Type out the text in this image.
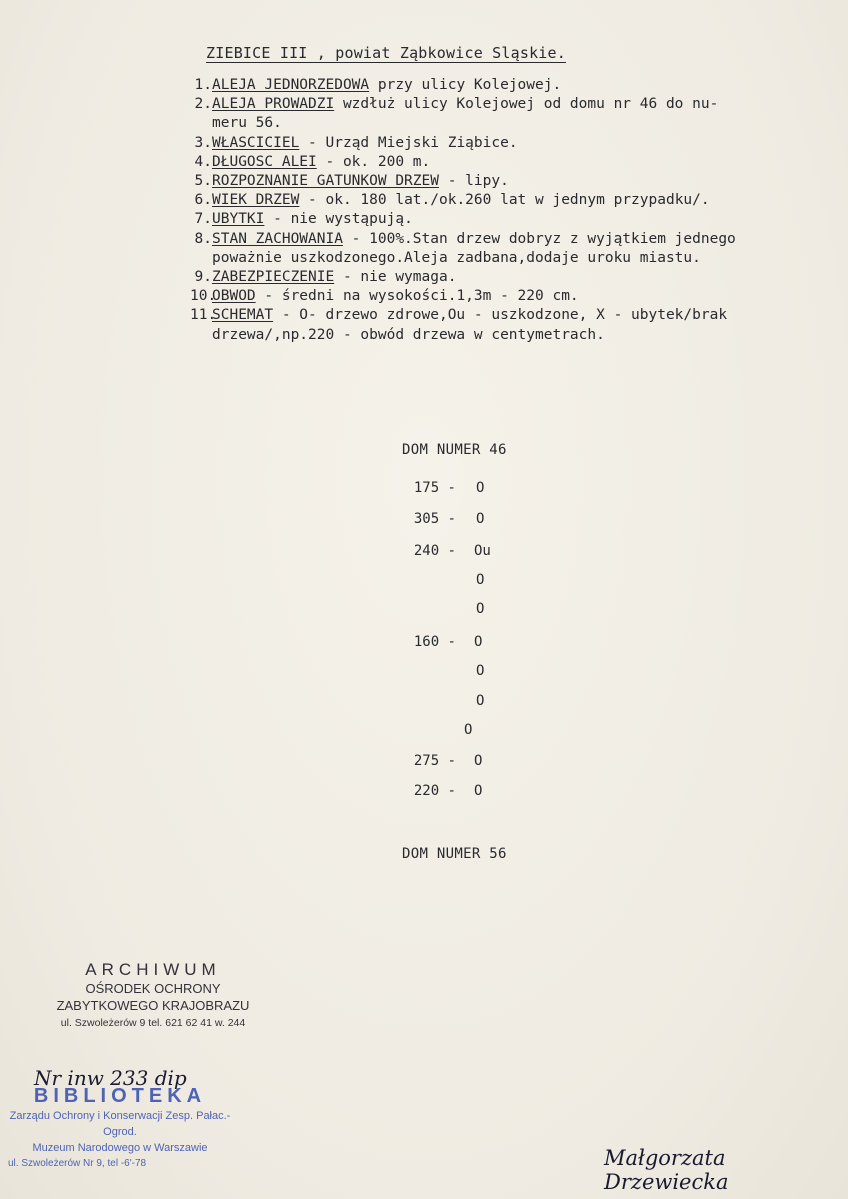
ZIEBICE III , powiat Ząbkowice Sląskie.
1.ALEJA JEDNORZEDOWA przy ulicy Kolejowej.
2.ALEJA PROWADZI wzdłuż ulicy Kolejowej od domu nr 46 do nu-
meru 56.
3.WŁASCICIEL - Urząd Miejski Ziąbice.
4.DŁUGOSC ALEI - ok. 200 m.
5.ROZPOZNANIE GATUNKOW DRZEW - lipy.
6.WIEK DRZEW - ok. 180 lat./ok.260 lat w jednym przypadku/.
7.UBYTKI - nie wystąpują.
8.STAN ZACHOWANIA - 100%.Stan drzew dobryz z wyjątkiem jednego
poważnie uszkodzonego.Aleja zadbana,dodaje uroku miastu.
9.ZABEZPIECZENIE - nie wymaga.
10.OBWOD - średni na wysokości.1,3m - 220 cm.
11.SCHEMAT - O- drzewo zdrowe,Ou - uszkodzone, X - ubytek/brak
drzewa/,np.220 - obwód drzewa w centymetrach.
DOM NUMER 46
175 - O
305 - O
240 - Ou
O
O
160 - O
O
O
O
275 - O
220 - O
DOM NUMER 56
ARCHIWUM
OŚRODEK OCHRONY
ZABYTKOWEGO KRAJOBRAZU
ul. Szwoleżerów 9 tel. 621 62 41 w. 244
Nr inw 233 dip
BIBLIOTEKA
Zarządu Ochrony i Konserwacji Zesp. Pałac.-Ogrod.
Muzeum Narodowego w Warszawie
ul. Szwoleżerów Nr 9, tel -6'-78	Małgorzata Drzewiecka
